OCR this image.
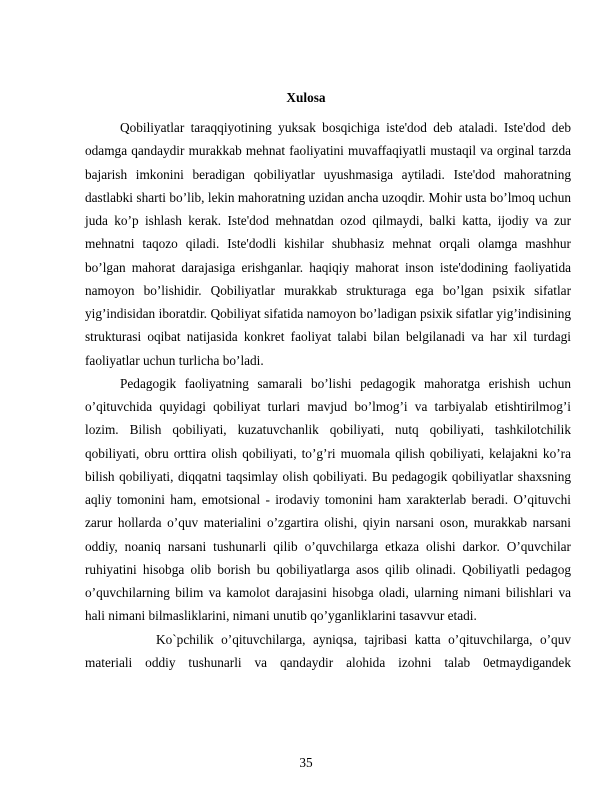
Xulosa

Qobiliyatlar taraqqiyotining yuksak bosqichiga iste'dod deb ataladi. Iste'dod deb odamga qandaydir murakkab mehnat faoliyatini muvaffaqiyatli mustaqil va orginal tarzda bajarish imkonini beradigan qobiliyatlar uyushmasiga aytiladi. Iste'dod mahoratning dastlabki sharti bo’lib, lekin mahoratning uzidan ancha uzoqdir. Mohir usta bo’lmoq uchun juda ko’p ishlash kerak. Iste'dod mehnatdan ozod qilmaydi, balki katta, ijodiy va zur mehnatni taqozo qiladi. Iste'dodli kishilar shubhasiz mehnat orqali olamga mashhur bo’lgan mahorat darajasiga erishganlar. haqiqiy mahorat inson iste'dodining faoliyatida namoyon bo’lishidir. Qobiliyatlar murakkab strukturaga ega bo’lgan psixik sifatlar yig’indisidan iboratdir. Qobiliyat sifatida namoyon bo’ladigan psixik sifatlar yig’indisining strukturasi oqibat natijasida konkret faoliyat talabi bilan belgilanadi va har xil turdagi faoliyatlar uchun turlicha bo’ladi.

Pedagogik faoliyatning samarali bo’lishi pedagogik mahoratga erishish uchun o’qituvchida quyidagi qobiliyat turlari mavjud bo’lmog’i va tarbiyalab etishtirilmog’i lozim. Bilish qobiliyati, kuzatuvchanlik qobiliyati, nutq qobiliyati, tashkilotchilik qobiliyati, obru orttira olish qobiliyati, to’g’ri muomala qilish qobiliyati, kelajakni ko’ra bilish qobiliyati, diqqatni taqsimlay olish qobiliyati. Bu pedagogik qobiliyatlar shaxsning aqliy tomonini ham, emotsional - irodaviy tomonini ham xarakterlab beradi. O’qituvchi zarur hollarda o’quv materialini o’zgartira olishi, qiyin narsani oson, murakkab narsani oddiy, noaniq narsani tushunarli qilib o’quvchilarga etkaza olishi darkor. O’quvchilar ruhiyatini hisobga olib borish bu qobiliyatlarga asos qilib olinadi. Qobiliyatli pedagog o’quvchilarning bilim va kamolot darajasini hisobga oladi, ularning nimani bilishlari va hali nimani bilmasliklarini, nimani unutib qo’yganliklarini tasavvur etadi.

Ko`pchilik o’qituvchilarga, ayniqsa, tajribasi katta o’qituvchilarga, o’quv materiali oddiy tushunarli va qandaydir alohida izohni talab 0etmaydigandek

35
